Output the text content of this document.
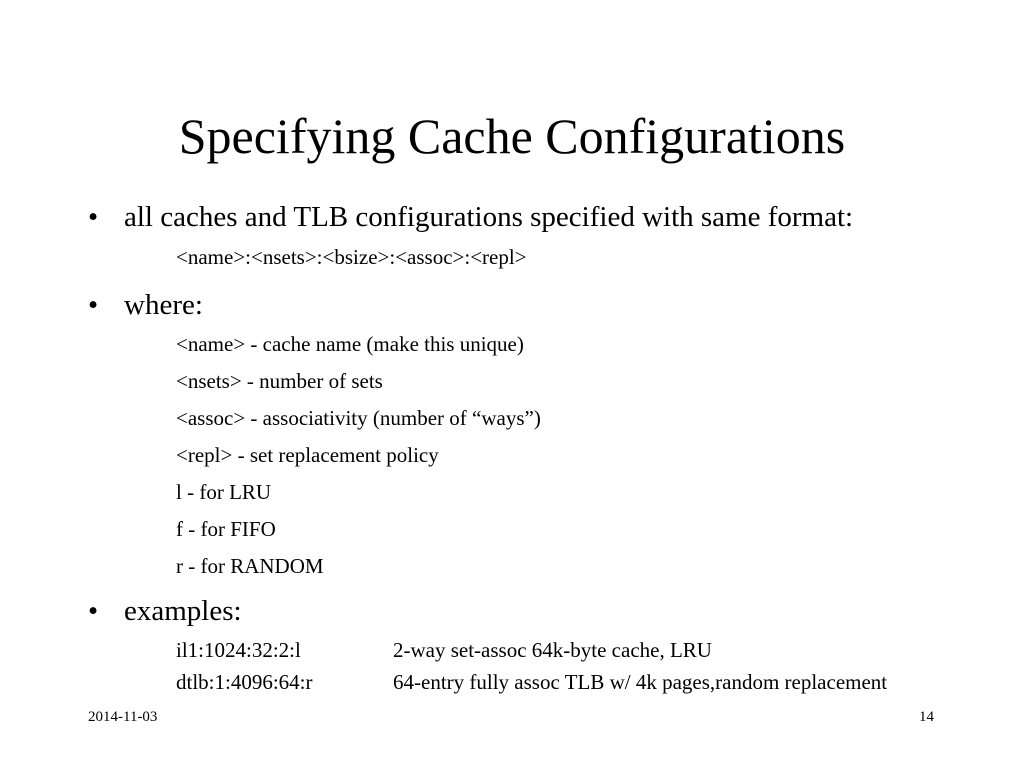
Specifying Cache Configurations
• all caches and TLB configurations specified with same format:
<name>:<nsets>:<bsize>:<assoc>:<repl>
• where:
<name> - cache name (make this unique)
<nsets> - number of sets
<assoc> - associativity (number of “ways”)
<repl> - set replacement policy
l - for LRU
f - for FIFO
r - for RANDOM
• examples:
il1:1024:32:2:l	2-way set-assoc 64k-byte cache, LRU
dtlb:1:4096:64:r	64-entry fully assoc TLB w/ 4k pages,random replacement
2014-11-03	14
